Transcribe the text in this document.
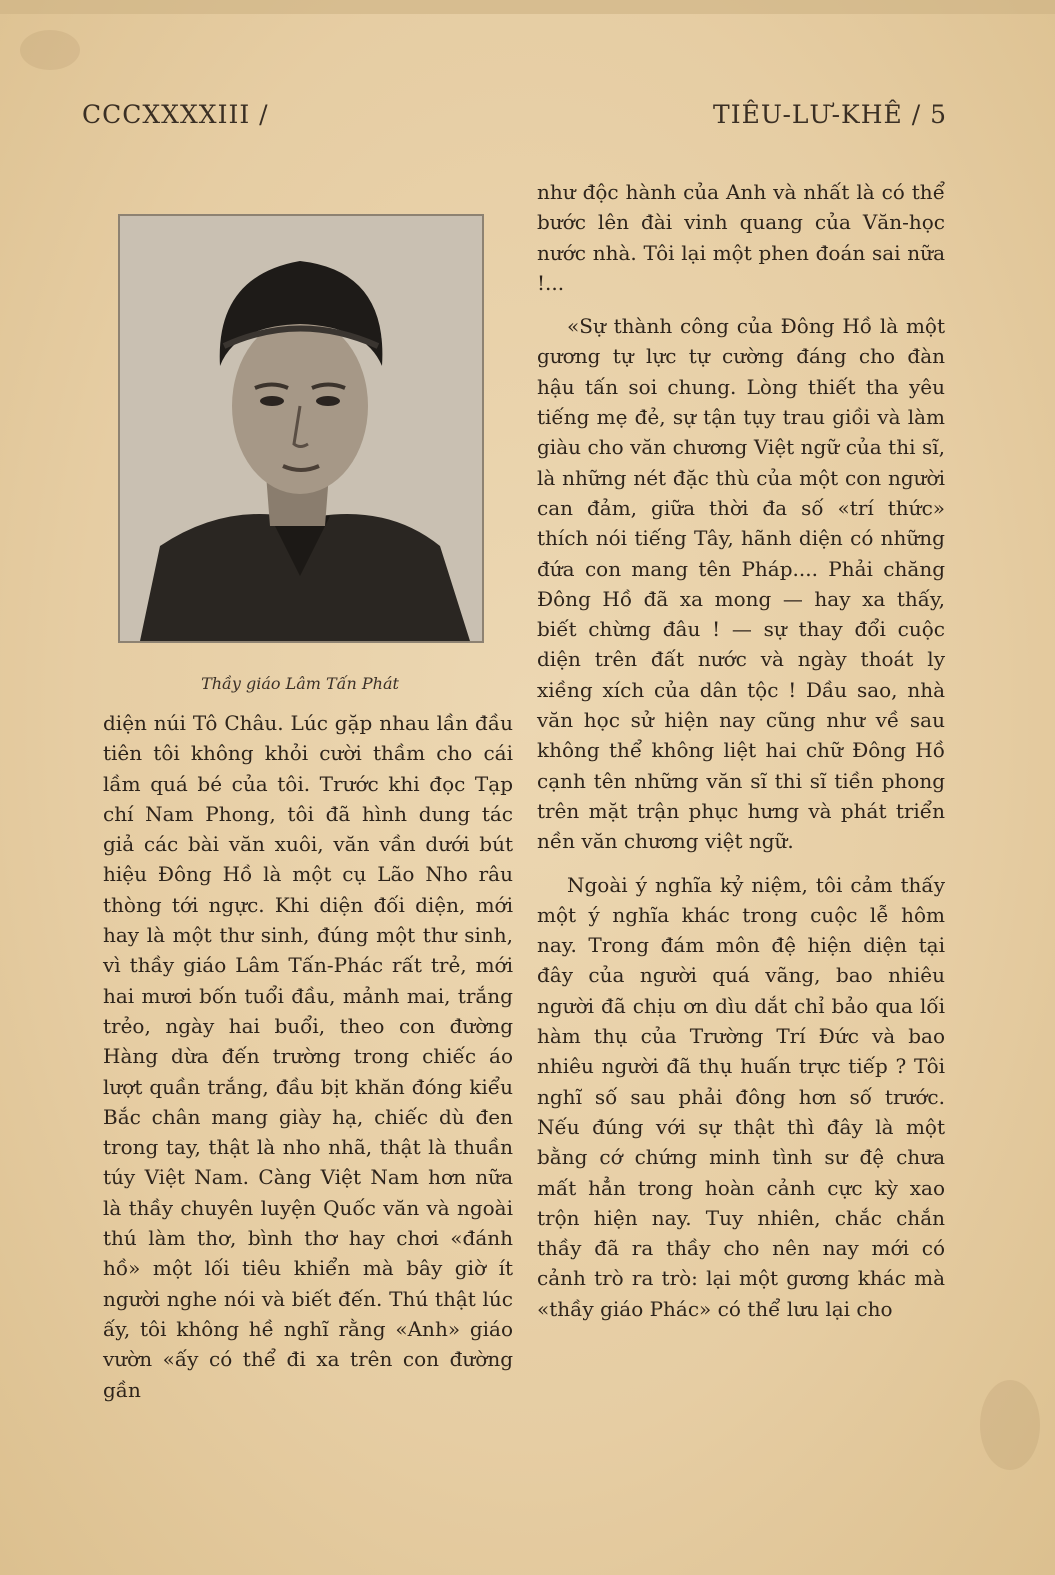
CCCXXXXIII /	TIÊU-LƯ-KHÊ / 5
Thầy giáo Lâm Tấn Phát

diện núi Tô Châu. Lúc gặp nhau lần đầu tiên tôi không khỏi cười thầm cho cái lầm quá bé của tôi. Trước khi đọc Tạp chí Nam Phong, tôi đã hình dung tác giả các bài văn xuôi, văn vần dưới bút hiệu Đông Hồ là một cụ Lão Nho râu thòng tới ngực. Khi diện đối diện, mới hay là một thư sinh, đúng một thư sinh, vì thầy giáo Lâm Tấn-Phác rất trẻ, mới hai mươi bốn tuổi đầu, mảnh mai, trắng trẻo, ngày hai buổi, theo con đường Hàng dừa đến trường trong chiếc áo lượt quần trắng, đầu bịt khăn đóng kiểu Bắc chân mang giày hạ, chiếc dù đen trong tay, thật là nho nhã, thật là thuần túy Việt Nam. Càng Việt Nam hơn nữa là thầy chuyên luyện Quốc văn và ngoài thú làm thơ, bình thơ hay chơi «đánh hồ» một lối tiêu khiển mà bây giờ ít người nghe nói và biết đến. Thú thật lúc ấy, tôi không hề nghĩ rằng «Anh» giáo vườn «ấy có thể đi xa trên con đường gần

như độc hành của Anh và nhất là có thể bước lên đài vinh quang của Văn-học nước nhà. Tôi lại một phen đoán sai nữa !...

«Sự thành công của Đông Hồ là một gương tự lực tự cường đáng cho đàn hậu tấn soi chung. Lòng thiết tha yêu tiếng mẹ đẻ, sự tận tụy trau giồi và làm giàu cho văn chương Việt ngữ của thi sĩ, là những nét đặc thù của một con người can đảm, giữa thời đa số «trí thức» thích nói tiếng Tây, hãnh diện có những đứa con mang tên Pháp.... Phải chăng Đông Hồ đã xa mong — hay xa thấy, biết chừng đâu ! — sự thay đổi cuộc diện trên đất nước và ngày thoát ly xiềng xích của dân tộc ! Dầu sao, nhà văn học sử hiện nay cũng như về sau không thể không liệt hai chữ Đông Hồ cạnh tên những văn sĩ thi sĩ tiền phong trên mặt trận phục hưng và phát triển nền văn chương việt ngữ.

Ngoài ý nghĩa kỷ niệm, tôi cảm thấy một ý nghĩa khác trong cuộc lễ hôm nay. Trong đám môn đệ hiện diện tại đây của người quá vãng, bao nhiêu người đã chịu ơn dìu dắt chỉ bảo qua lối hàm thụ của Trường Trí Đức và bao nhiêu người đã thụ huấn trực tiếp ? Tôi nghĩ số sau phải đông hơn số trước. Nếu đúng với sự thật thì đây là một bằng cớ chứng minh tình sư đệ chưa mất hẳn trong hoàn cảnh cực kỳ xao trộn hiện nay. Tuy nhiên, chắc chắn thầy đã ra thầy cho nên nay mới có cảnh trò ra trò: lại một gương khác mà «thầy giáo Phác» có thể lưu lại cho
